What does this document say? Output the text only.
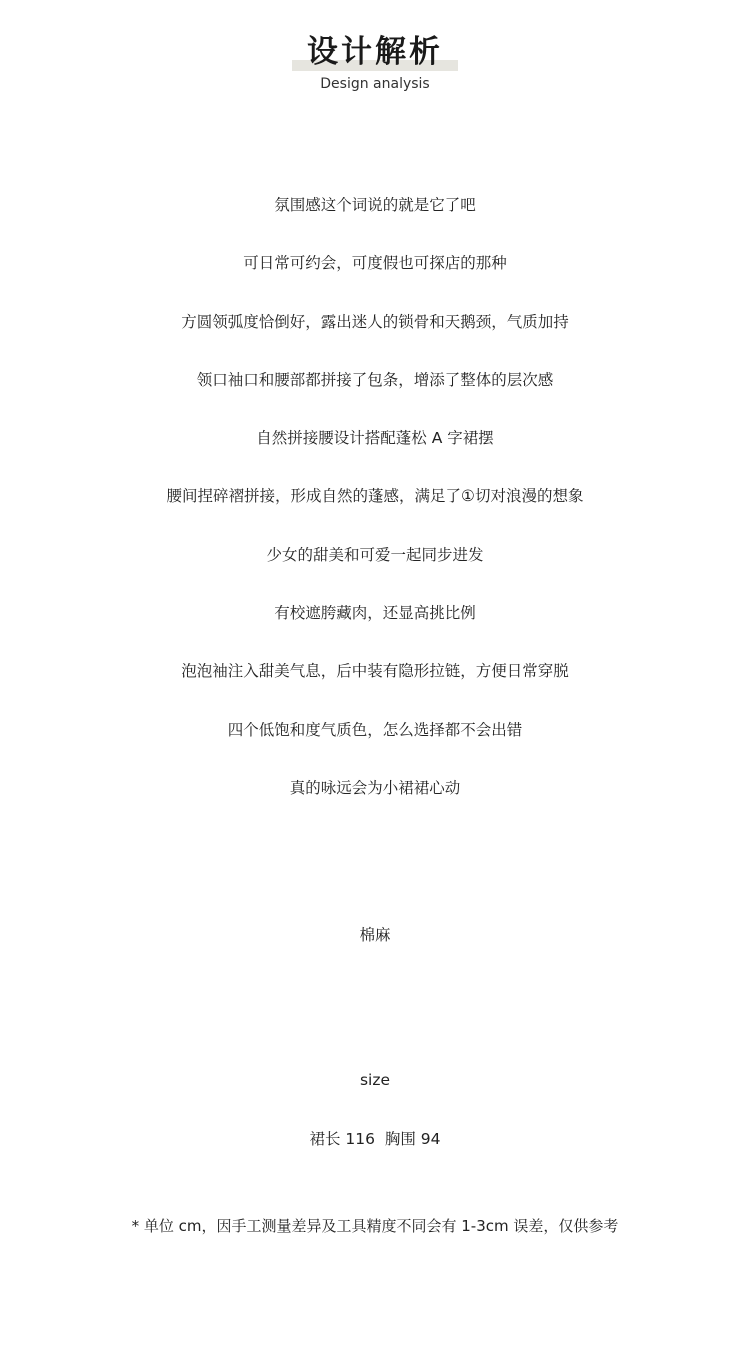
设计解析
Design analysis
氛围感这个词说的就是它了吧
可日常可约会，可度假也可探店的那种
方圆领弧度恰倒好，露出迷人的锁骨和天鹅颈，气质加持
领口袖口和腰部都拼接了包条，增添了整体的层次感
自然拼接腰设计搭配蓬松 A 字裙摆
腰间捏碎褶拼接，形成自然的蓬感，满足了①切对浪漫的想象
少女的甜美和可爱一起同步进发
有校遮胯藏肉，还显高挑比例
泡泡袖注入甜美气息，后中装有隐形拉链，方便日常穿脱
四个低饱和度气质色，怎么选择都不会出错
真的咏远会为小裙裙心动
棉麻
size
裙长 116  胸围 94
* 单位 cm，因手工测量差异及工具精度不同会有 1-3cm 误差，仅供参考
